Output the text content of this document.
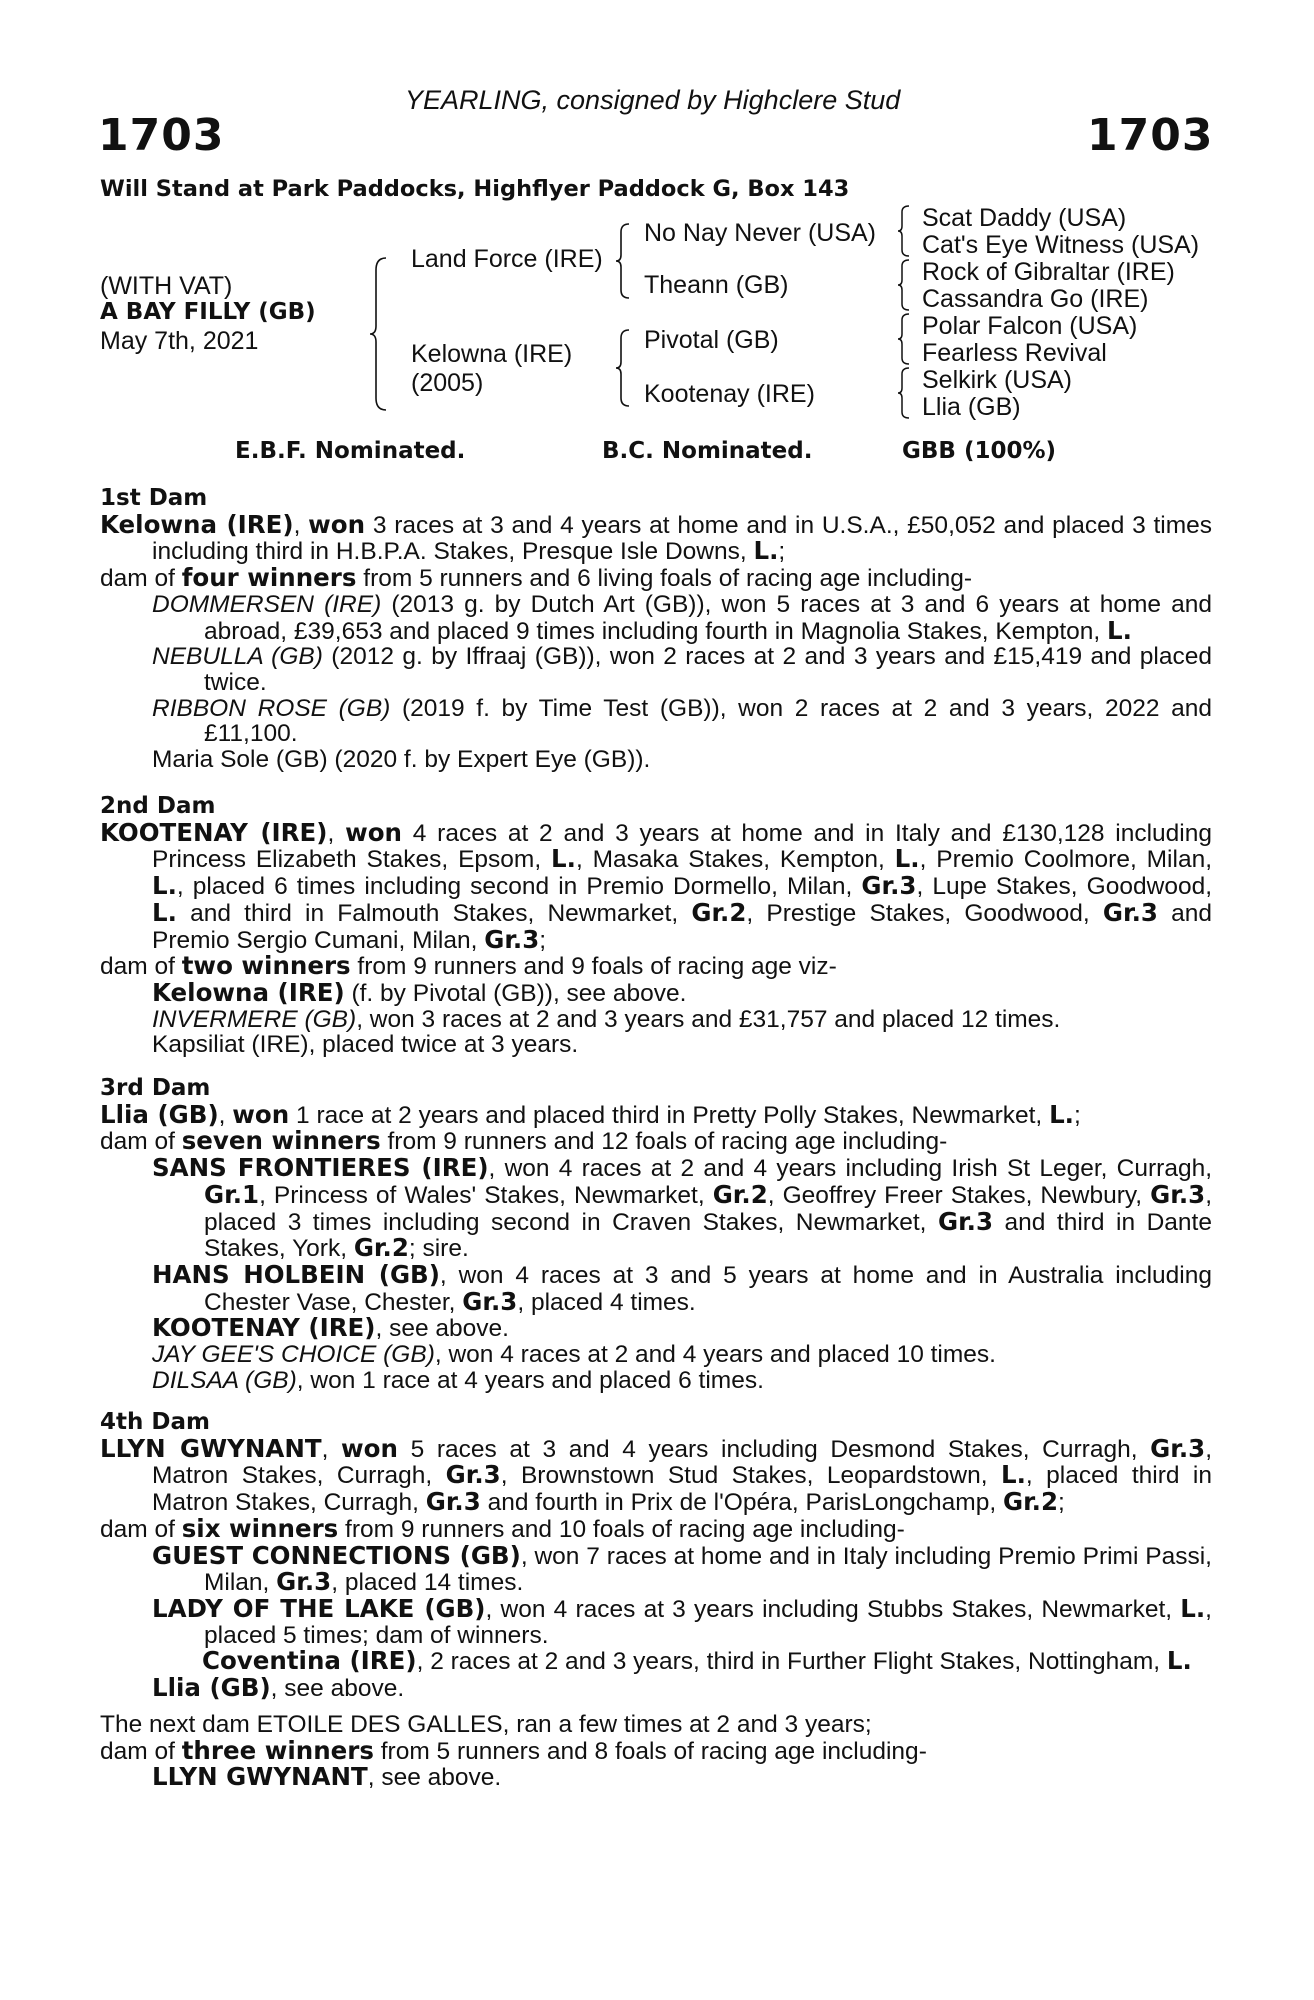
YEARLING, consigned by Highclere Stud
1703	1703
Will Stand at Park Paddocks, Highflyer Paddock G, Box 143
(WITH VAT)
A BAY FILLY (GB)
May 7th, 2021
Land Force (IRE)
Kelowna (IRE)
(2005)
No Nay Never (USA)
Theann (GB)
Pivotal (GB)
Kootenay (IRE)
Scat Daddy (USA)
Cat's Eye Witness (USA)
Rock of Gibraltar (IRE)
Cassandra Go (IRE)
Polar Falcon (USA)
Fearless Revival
Selkirk (USA)
Llia (GB)
E.B.F. Nominated.	B.C. Nominated.	GBB (100%)
1st Dam

Kelowna (IRE), won 3 races at 3 and 4 years at home and in U.S.A., £50,052 and placed 3 times including third in H.B.P.A. Stakes, Presque Isle Downs, L.;

dam of four winners from 5 runners and 6 living foals of racing age including-

DOMMERSEN (IRE) (2013 g. by Dutch Art (GB)), won 5 races at 3 and 6 years at home and abroad, £39,653 and placed 9 times including fourth in Magnolia Stakes, Kempton, L.

NEBULLA (GB) (2012 g. by Iffraaj (GB)), won 2 races at 2 and 3 years and £15,419 and placed twice.

RIBBON ROSE (GB) (2019 f. by Time Test (GB)), won 2 races at 2 and 3 years, 2022 and £11,100.

Maria Sole (GB) (2020 f. by Expert Eye (GB)).

2nd Dam

KOOTENAY (IRE), won 4 races at 2 and 3 years at home and in Italy and £130,128 including Princess Elizabeth Stakes, Epsom, L., Masaka Stakes, Kempton, L., Premio Coolmore, Milan, L., placed 6 times including second in Premio Dormello, Milan, Gr.3, Lupe Stakes, Goodwood, L. and third in Falmouth Stakes, Newmarket, Gr.2, Prestige Stakes, Goodwood, Gr.3 and Premio Sergio Cumani, Milan, Gr.3;

dam of two winners from 9 runners and 9 foals of racing age viz-

Kelowna (IRE) (f. by Pivotal (GB)), see above.

INVERMERE (GB), won 3 races at 2 and 3 years and £31,757 and placed 12 times.

Kapsiliat (IRE), placed twice at 3 years.

3rd Dam

Llia (GB), won 1 race at 2 years and placed third in Pretty Polly Stakes, Newmarket, L.;

dam of seven winners from 9 runners and 12 foals of racing age including-

SANS FRONTIERES (IRE), won 4 races at 2 and 4 years including Irish St Leger, Curragh, Gr.1, Princess of Wales' Stakes, Newmarket, Gr.2, Geoffrey Freer Stakes, Newbury, Gr.3, placed 3 times including second in Craven Stakes, Newmarket, Gr.3 and third in Dante Stakes, York, Gr.2; sire.

HANS HOLBEIN (GB), won 4 races at 3 and 5 years at home and in Australia including Chester Vase, Chester, Gr.3, placed 4 times.

KOOTENAY (IRE), see above.

JAY GEE'S CHOICE (GB), won 4 races at 2 and 4 years and placed 10 times.

DILSAA (GB), won 1 race at 4 years and placed 6 times.

4th Dam

LLYN GWYNANT, won 5 races at 3 and 4 years including Desmond Stakes, Curragh, Gr.3, Matron Stakes, Curragh, Gr.3, Brownstown Stud Stakes, Leopardstown, L., placed third in Matron Stakes, Curragh, Gr.3 and fourth in Prix de l'Opéra, ParisLongchamp, Gr.2;

dam of six winners from 9 runners and 10 foals of racing age including-

GUEST CONNECTIONS (GB), won 7 races at home and in Italy including Premio Primi Passi, Milan, Gr.3, placed 14 times.

LADY OF THE LAKE (GB), won 4 races at 3 years including Stubbs Stakes, Newmarket, L., placed 5 times; dam of winners.

Coventina (IRE), 2 races at 2 and 3 years, third in Further Flight Stakes, Nottingham, L.

Llia (GB), see above.

The next dam ETOILE DES GALLES, ran a few times at 2 and 3 years;

dam of three winners from 5 runners and 8 foals of racing age including-

LLYN GWYNANT, see above.
